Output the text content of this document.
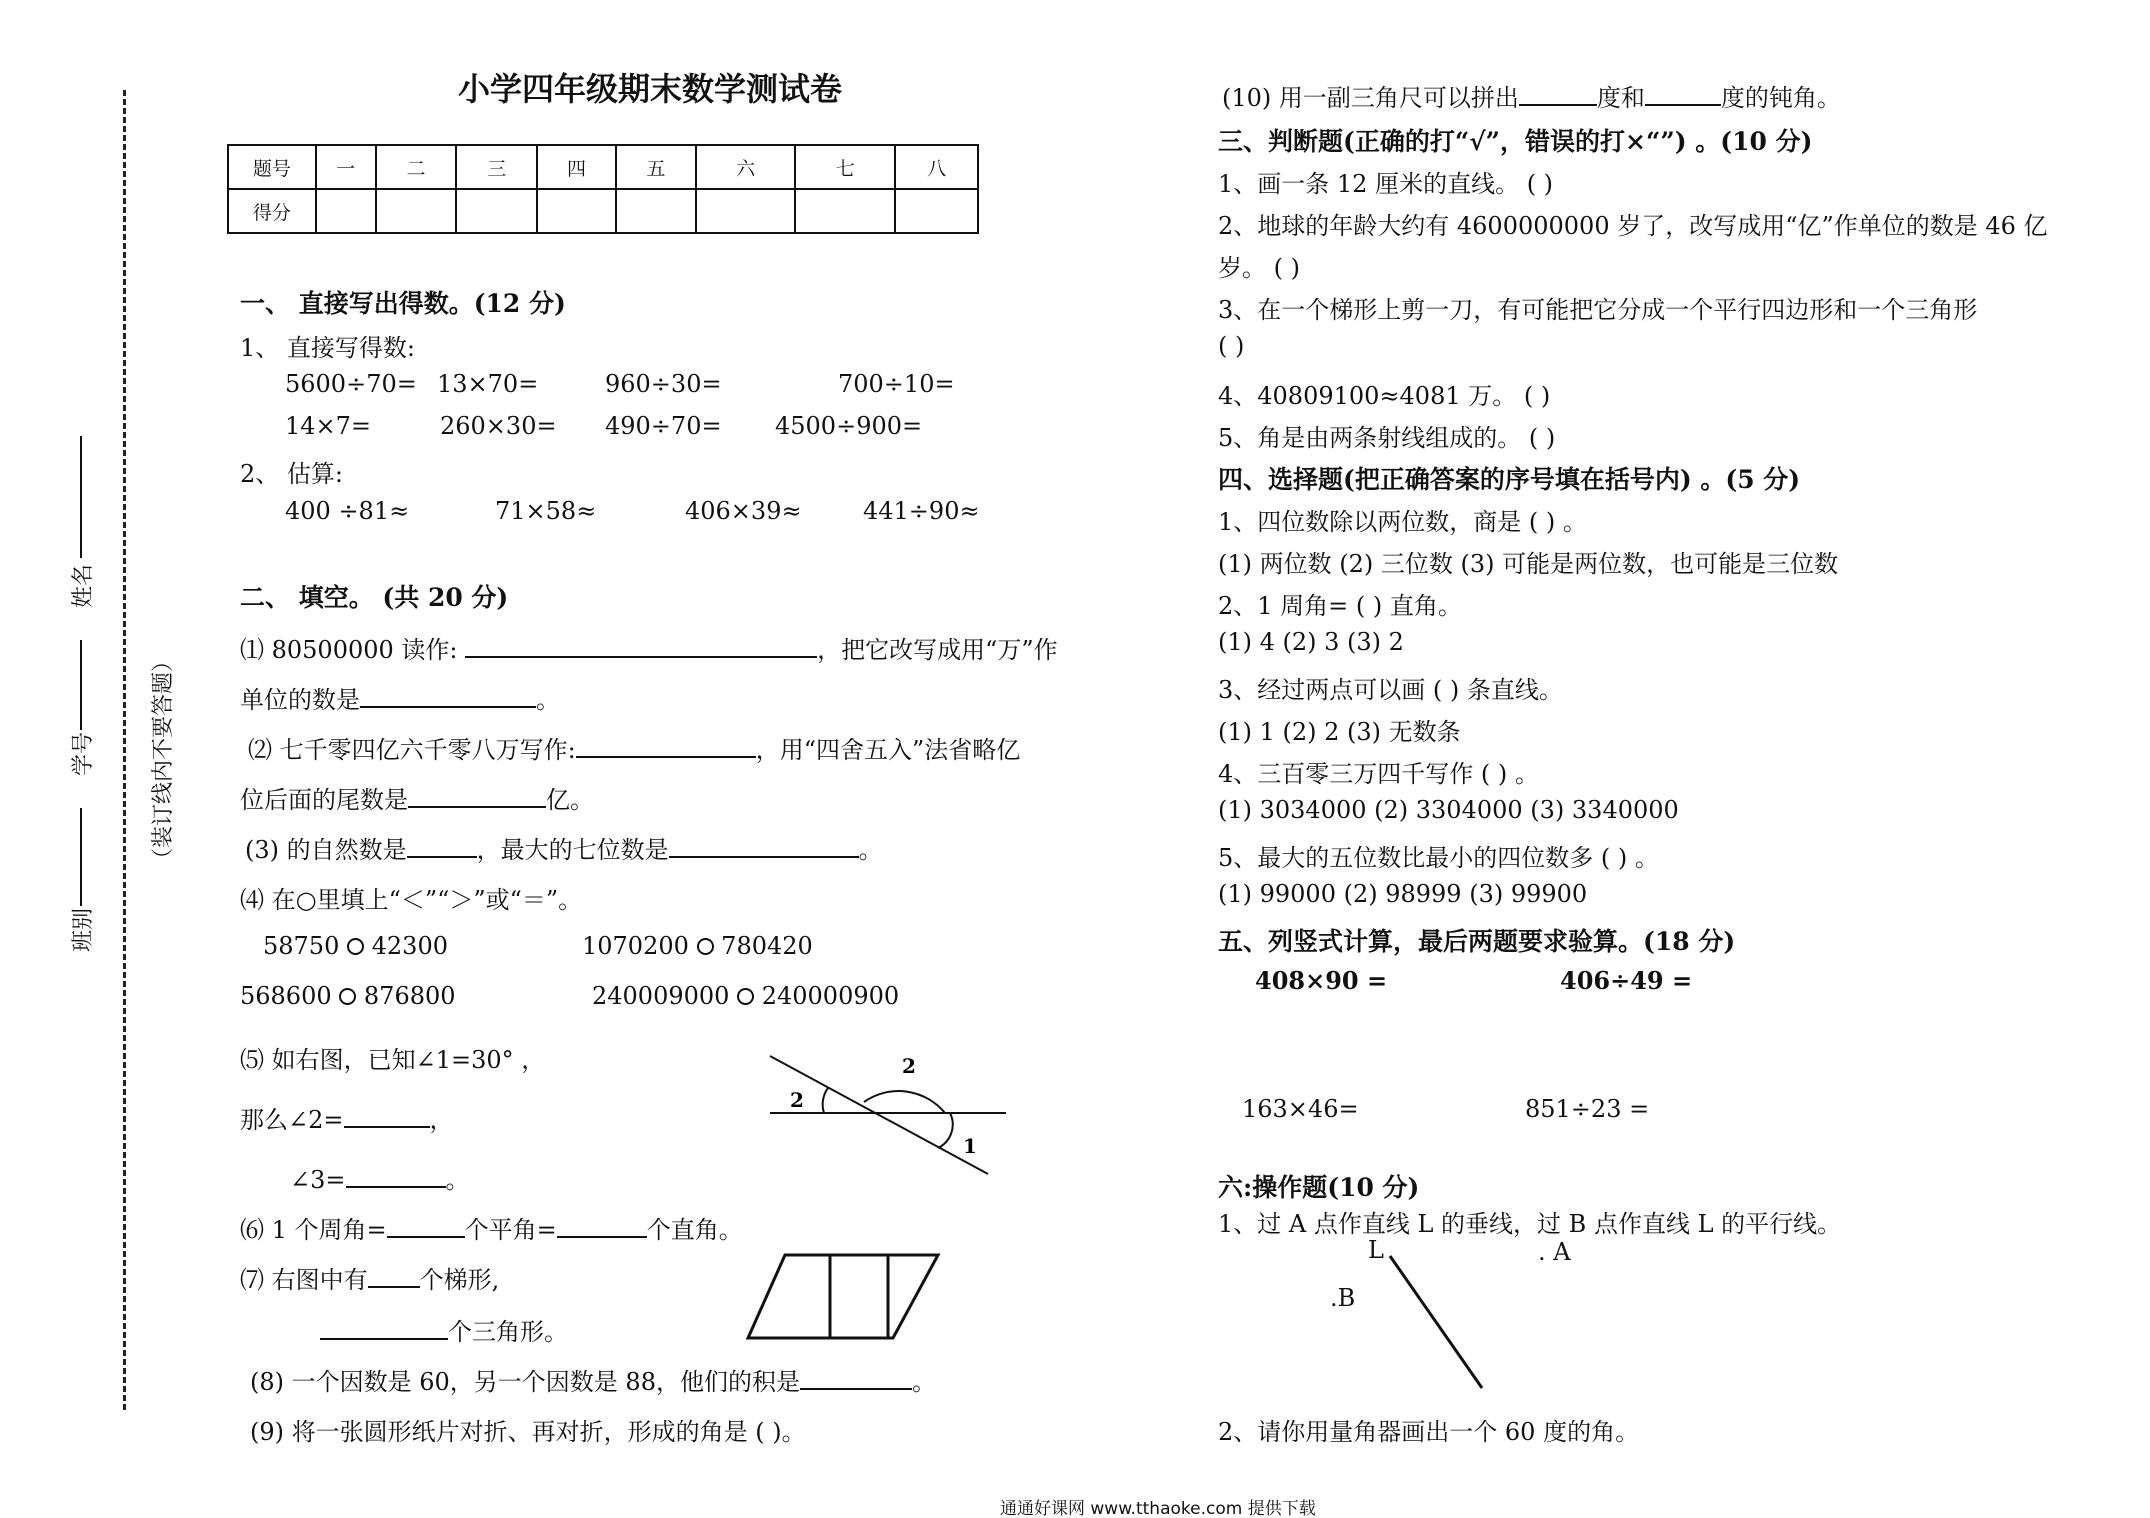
（装订线内不要答题）
姓名
学号
班别
小学四年级期末数学测试卷
题号	一	二	三	四	五	六	七	八
得分								
一、 直接写出得数。(12 分)
1、 直接写得数:
5600÷70= 13×70=	960÷30=	700÷10=
14×7=	260×30= 490÷70= 4500÷900=
2、 估算:
400 ÷81≈	71×58≈	406×39≈	441÷90≈
二、 填空。 (共 20 分)
⑴ 80500000 读作:	，把它改写成用“万”作
单位的数是	。
⑵ 七千零四亿六千零八万写作:	，用“四舍五入”法省略亿
位后面的尾数是	亿。
(3) 的自然数是	，最大的七位数是	。
⑷ 在○里填上“＜”“＞”或“＝”。
58750 42300	1070200 780420
568600 876800	240009000 240000900
⑸ 如右图，已知∠1=30° ，
那么∠2=	，
∠3=	。
2
2
1
⑹ 1 个周角=	个平角=	个直角。
⑺ 右图中有 个梯形,
个三角形。
(8) 一个因数是 60，另一个因数是 88，他们的积是	。
(9) 将一张圆形纸片对折、再对折，形成的角是 ( )。
(10) 用一副三角尺可以拼出	度和	度的钝角。
三、判断题(正确的打“√”，错误的打×“”) 。(10 分)
1、画一条 12 厘米的直线。 ( )
2、地球的年龄大约有 4600000000 岁了，改写成用“亿”作单位的数是 46 亿
岁。 ( )
3、在一个梯形上剪一刀，有可能把它分成一个平行四边形和一个三角形
( )
4、40809100≈4081 万。 ( )
5、角是由两条射线组成的。 ( )
四、选择题(把正确答案的序号填在括号内) 。(5 分)
1、四位数除以两位数，商是 ( ) 。
(1) 两位数 (2) 三位数 (3) 可能是两位数，也可能是三位数
2、1 周角= ( ) 直角。
(1) 4 (2) 3 (3) 2
3、经过两点可以画 ( ) 条直线。
(1) 1 (2) 2 (3) 无数条
4、三百零三万四千写作 ( ) 。
(1) 3034000 (2) 3304000 (3) 3340000
5、最大的五位数比最小的四位数多 ( ) 。
(1) 99000 (2) 98999 (3) 99900
五、列竖式计算，最后两题要求验算。(18 分)
408×90 =	406÷49 =
163×46=	851÷23 =
六:操作题(10 分)
1、过 A 点作直线 L 的垂线，过 B 点作直线 L 的平行线。
L	. A
.B
2、请你用量角器画出一个 60 度的角。
通通好课网 www.tthaoke.com 提供下载
